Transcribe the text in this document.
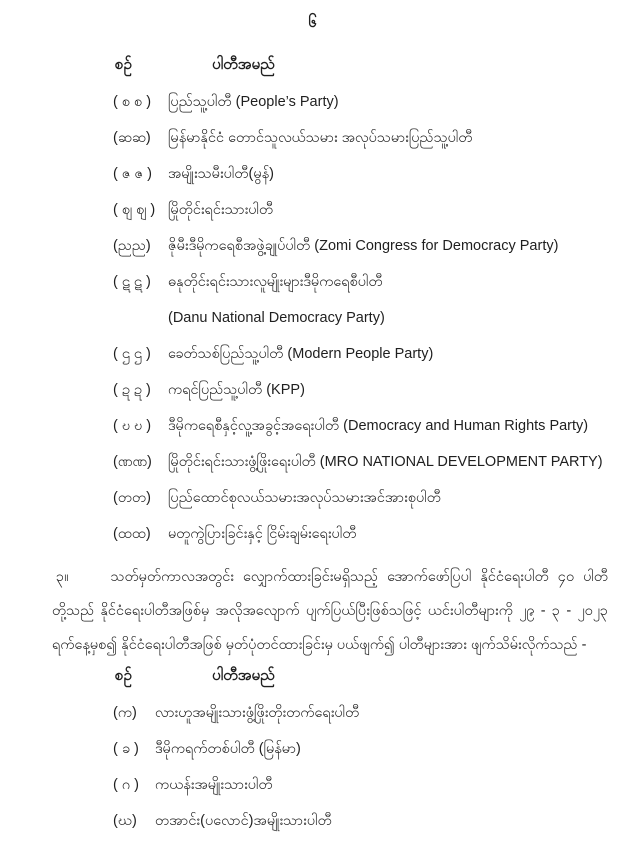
၆
စဉ်	ပါတီအမည်
( စ စ )	ပြည်သူ့ပါတီ (People’s Party)
(ဆဆ)	မြန်မာနိုင်ငံ တောင်သူလယ်သမား အလုပ်သမားပြည်သူ့ပါတီ
( ဇ ဇ )	အမျိုးသမီးပါတီ(မွန်)
( ဈ ဈ ) မြိုတိုင်းရင်းသားပါတီ
(ညည)	ဇိုမီးဒီမိုကရေစီအဖွဲ့ချုပ်ပါတီ (Zomi Congress for Democracy Party)
( ဋ ဋ )	ဓနုတိုင်းရင်းသားလူမျိုးများဒီမိုကရေစီပါတီ
(Danu National Democracy Party)
( ဌ ဌ )	ခေတ်သစ်ပြည်သူ့ပါတီ (Modern People Party)
( ဍ ဍ )	ကရင်ပြည်သူ့ပါတီ (KPP)
( ဎ ဎ )	ဒီမိုကရေစီနှင့်လူ့အခွင့်အရေးပါတီ (Democracy and Human Rights Party)
(ဏဏ)	မြိုတိုင်းရင်းသားဖွံ့ဖြိုးရေးပါတီ (MRO NATIONAL DEVELOPMENT PARTY)
(တတ)	ပြည်ထောင်စုလယ်သမားအလုပ်သမားအင်အားစုပါတီ
(ထထ)	မတူကွဲပြားခြင်းနှင့် ငြိမ်းချမ်းရေးပါတီ
၃။	သတ်မှတ်ကာလအတွင်း လျှောက်ထားခြင်းမရှိသည့် အောက်ဖော်ပြပါ နိုင်ငံရေးပါတီ ၄၀ ပါတီတို့သည် နိုင်ငံရေးပါတီအဖြစ်မှ အလိုအလျောက် ပျက်ပြယ်ပြီးဖြစ်သဖြင့် ယင်းပါတီများကို ၂၉ - ၃ - ၂၀၂၃ ရက်နေ့မှစ၍ နိုင်ငံရေးပါတီအဖြစ် မှတ်ပုံတင်ထားခြင်းမှ ပယ်ဖျက်၍ ပါတီများအား ဖျက်သိမ်းလိုက်သည် -
စဉ်	ပါတီအမည်
(က)	လားဟူအမျိုးသားဖွံ့ဖြိုးတိုးတက်ရေးပါတီ
( ခ )	ဒီမိုကရက်တစ်ပါတီ (မြန်မာ)
( ဂ )	ကယန်းအမျိုးသားပါတီ
(ဃ)	တအာင်း(ပလောင်)အမျိုးသားပါတီ
